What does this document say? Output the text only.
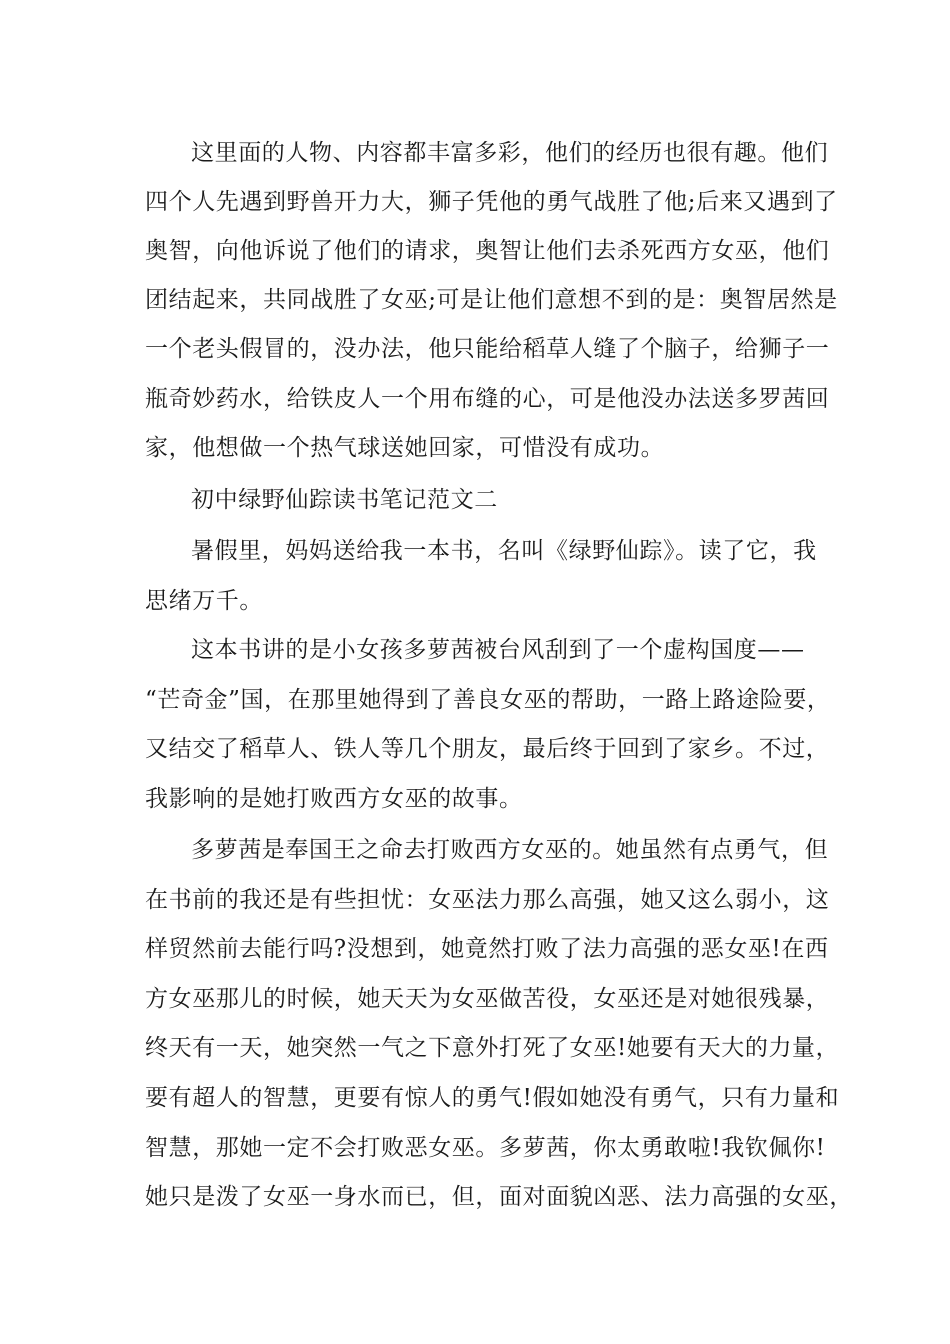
这里面的人物、内容都丰富多彩，他们的经历也很有趣。他们
四个人先遇到野兽开力大，狮子凭他的勇气战胜了他;后来又遇到了
奥智，向他诉说了他们的请求，奥智让他们去杀死西方女巫，他们
团结起来，共同战胜了女巫;可是让他们意想不到的是：奥智居然是
一个老头假冒的，没办法，他只能给稻草人缝了个脑子，给狮子一
瓶奇妙药水，给铁皮人一个用布缝的心，可是他没办法送多罗茜回
家，他想做一个热气球送她回家，可惜没有成功。
初中绿野仙踪读书笔记范文二
暑假里，妈妈送给我一本书，名叫《绿野仙踪》。读了它，我
思绪万千。
这本书讲的是小女孩多萝茜被台风刮到了一个虚构国度——
“芒奇金”国，在那里她得到了善良女巫的帮助，一路上路途险要，
又结交了稻草人、铁人等几个朋友，最后终于回到了家乡。不过，
我影响的是她打败西方女巫的故事。
多萝茜是奉国王之命去打败西方女巫的。她虽然有点勇气，但
在书前的我还是有些担忧：女巫法力那么高强，她又这么弱小，这
样贸然前去能行吗?没想到，她竟然打败了法力高强的恶女巫!在西
方女巫那儿的时候，她天天为女巫做苦役，女巫还是对她很残暴，
终天有一天，她突然一气之下意外打死了女巫!她要有天大的力量，
要有超人的智慧，更要有惊人的勇气!假如她没有勇气，只有力量和
智慧，那她一定不会打败恶女巫。多萝茜，你太勇敢啦!我钦佩你!
她只是泼了女巫一身水而已，但，面对面貌凶恶、法力高强的女巫，
